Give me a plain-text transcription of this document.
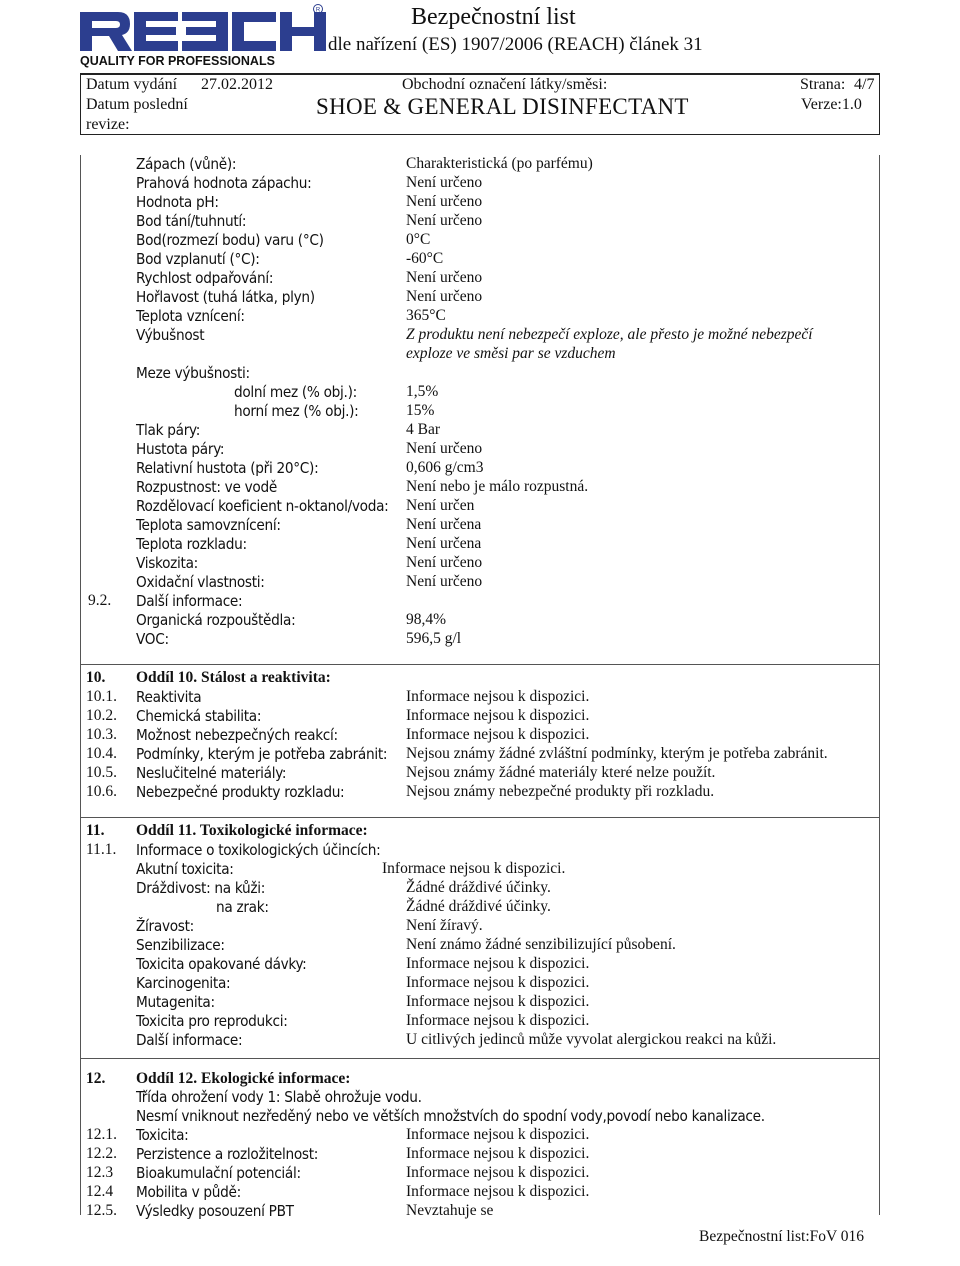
R
QUALITY FOR PROFESSIONALS
Bezpečnostní list
dle nařízení (ES) 1907/2006 (REACH) článek 31
Datum vydání 27.02.2012
Datum poslední
revize:
Obchodní označení látky/směsi:
SHOE & GENERAL DISINFECTANT
Strana: 4/7
Verze:1.0
Zápach (vůně):	Charakteristická (po parfému)
Prahová hodnota zápachu:	Není určeno
Hodnota pH:	Není určeno
Bod tání/tuhnutí:	Není určeno
Bod(rozmezí bodu) varu (°C)	0°C
Bod vzplanutí (°C):	-60°C
Rychlost odpařování:	Není určeno
Hořlavost (tuhá látka, plyn)	Není určeno
Teplota vznícení:	365°C
Výbušnost	Z produktu není nebezpečí exploze, ale přesto je možné nebezpečí
exploze ve směsi par se vzduchem
Meze výbušnosti:
dolní mez (% obj.):	1,5%
horní mez (% obj.):	15%
Tlak páry:	4 Bar
Hustota páry:	Není určeno
Relativní hustota (při 20°C):	0,606 g/cm3
Rozpustnost: ve vodě	Není nebo je málo rozpustná.
Rozdělovací koeficient n-oktanol/voda: Není určen
Teplota samovznícení:	Není určena
Teplota rozkladu:	Není určena
Viskozita:	Není určeno
Oxidační vlastnosti:	Není určeno
9.2. Další informace:
Organická rozpouštědla:	98,4%
VOC:	596,5 g/l
10. Oddíl 10. Stálost a reaktivita:
10.1. Reaktivita	Informace nejsou k dispozici.
10.2. Chemická stabilita:	Informace nejsou k dispozici.
10.3. Možnost nebezpečných reakcí:	Informace nejsou k dispozici.
10.4. Podmínky, kterým je potřeba zabránit: Nejsou známy žádné zvláštní podmínky, kterým je potřeba zabránit.
10.5. Neslučitelné materiály:	Nejsou známy žádné materiály které nelze použít.
10.6. Nebezpečné produkty rozkladu:	Nejsou známy nebezpečné produkty při rozkladu.
11. Oddíl 11. Toxikologické informace:
11.1. Informace o toxikologických účincích:
Akutní toxicita:	Informace nejsou k dispozici.
Dráždivost: na kůži:	Žádné dráždivé účinky.
na zrak:	Žádné dráždivé účinky.
Žíravost:	Není žíravý.
Senzibilizace:	Není známo žádné senzibilizující působení.
Toxicita opakované dávky:	Informace nejsou k dispozici.
Karcinogenita:	Informace nejsou k dispozici.
Mutagenita:	Informace nejsou k dispozici.
Toxicita pro reprodukci:	Informace nejsou k dispozici.
Další informace:	U citlivých jedinců může vyvolat alergickou reakci na kůži.
12. Oddíl 12. Ekologické informace:
Třída ohrožení vody 1: Slabě ohrožuje vodu.
Nesmí vniknout nezředěný nebo ve větších množstvích do spodní vody,povodí nebo kanalizace.
12.1. Toxicita:	Informace nejsou k dispozici.
12.2. Perzistence a rozložitelnost:	Informace nejsou k dispozici.
12.3 Bioakumulační potenciál:	Informace nejsou k dispozici.
12.4 Mobilita v půdě:	Informace nejsou k dispozici.
12.5. Výsledky posouzení PBT	Nevztahuje se
Bezpečnostní list:FoV 016
